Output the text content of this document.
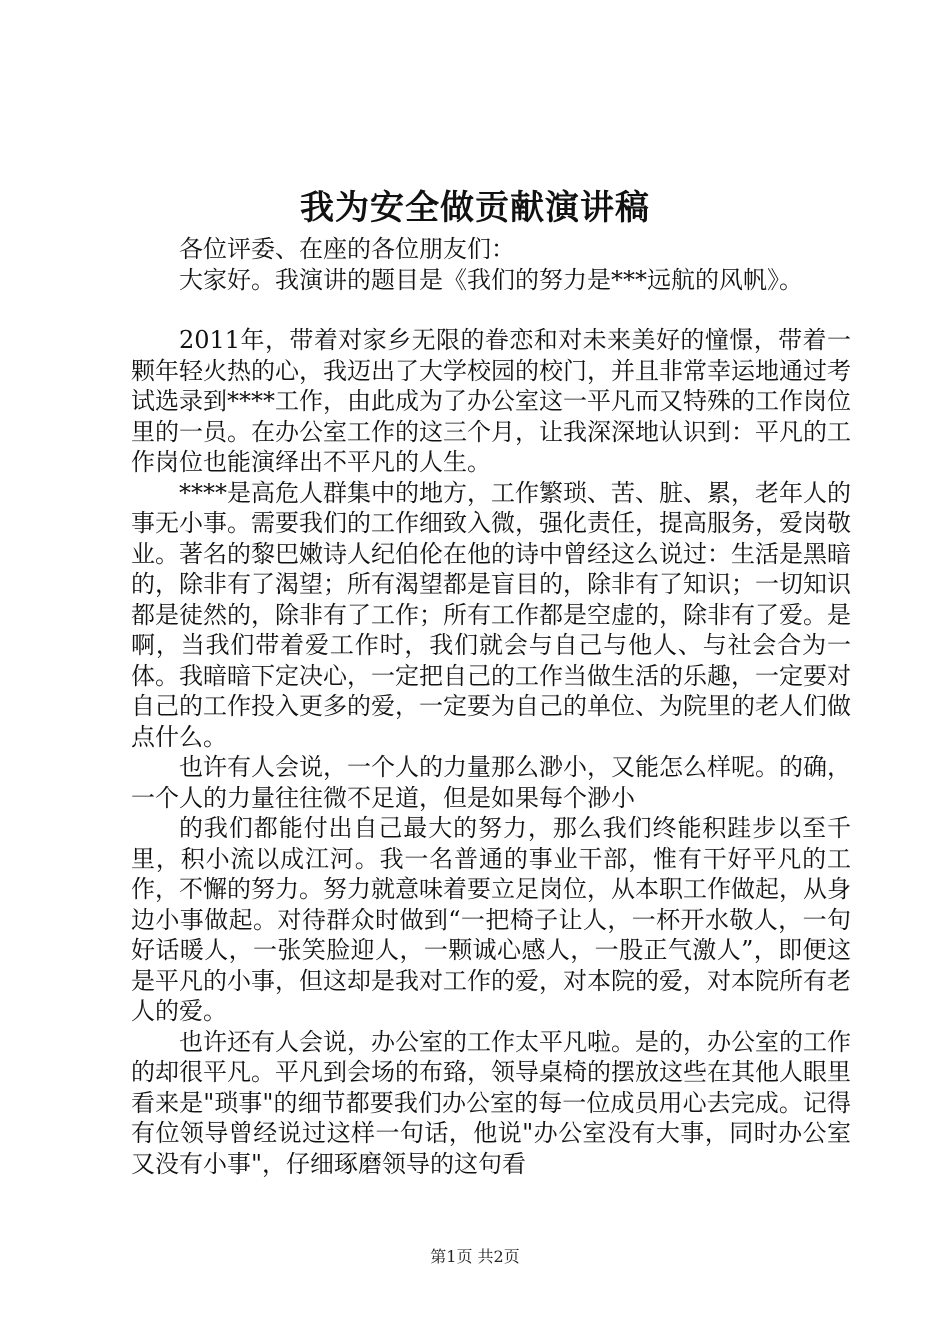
我为安全做贡献演讲稿

各位评委、在座的各位朋友们：

大家好。我演讲的题目是《我们的努力是***远航的风帆》。

2011年，带着对家乡无限的眷恋和对未来美好的憧憬，带着一颗年轻火热的心，我迈出了大学校园的校门，并且非常幸运地通过考试选录到****工作，由此成为了办公室这一平凡而又特殊的工作岗位里的一员。在办公室工作的这三个月，让我深深地认识到：平凡的工作岗位也能演绎出不平凡的人生。

****是高危人群集中的地方，工作繁琐、苦、脏、累，老年人的事无小事。需要我们的工作细致入微，强化责任，提高服务，爱岗敬业。著名的黎巴嫩诗人纪伯伦在他的诗中曾经这么说过：生活是黑暗的，除非有了渴望；所有渴望都是盲目的，除非有了知识；一切知识都是徒然的，除非有了工作；所有工作都是空虚的，除非有了爱。是啊，当我们带着爱工作时，我们就会与自己与他人、与社会合为一体。我暗暗下定决心，一定把自己的工作当做生活的乐趣，一定要对自己的工作投入更多的爱，一定要为自己的单位、为院里的老人们做点什么。

也许有人会说，一个人的力量那么渺小，又能怎么样呢。的确，一个人的力量往往微不足道，但是如果每个渺小

的我们都能付出自己最大的努力，那么我们终能积跬步以至千里，积小流以成江河。我一名普通的事业干部，惟有干好平凡的工作，不懈的努力。努力就意味着要立足岗位，从本职工作做起，从身边小事做起。对待群众时做到“一把椅子让人，一杯开水敬人，一句好话暖人，一张笑脸迎人，一颗诚心感人，一股正气激人”，即便这是平凡的小事，但这却是我对工作的爱，对本院的爱，对本院所有老人的爱。

也许还有人会说，办公室的工作太平凡啦。是的，办公室的工作的却很平凡。平凡到会场的布臵，领导桌椅的摆放这些在其他人眼里看来是"琐事"的细节都要我们办公室的每一位成员用心去完成。记得有位领导曾经说过这样一句话，他说"办公室没有大事，同时办公室又没有小事"，仔细琢磨领导的这句看

第1页 共2页
